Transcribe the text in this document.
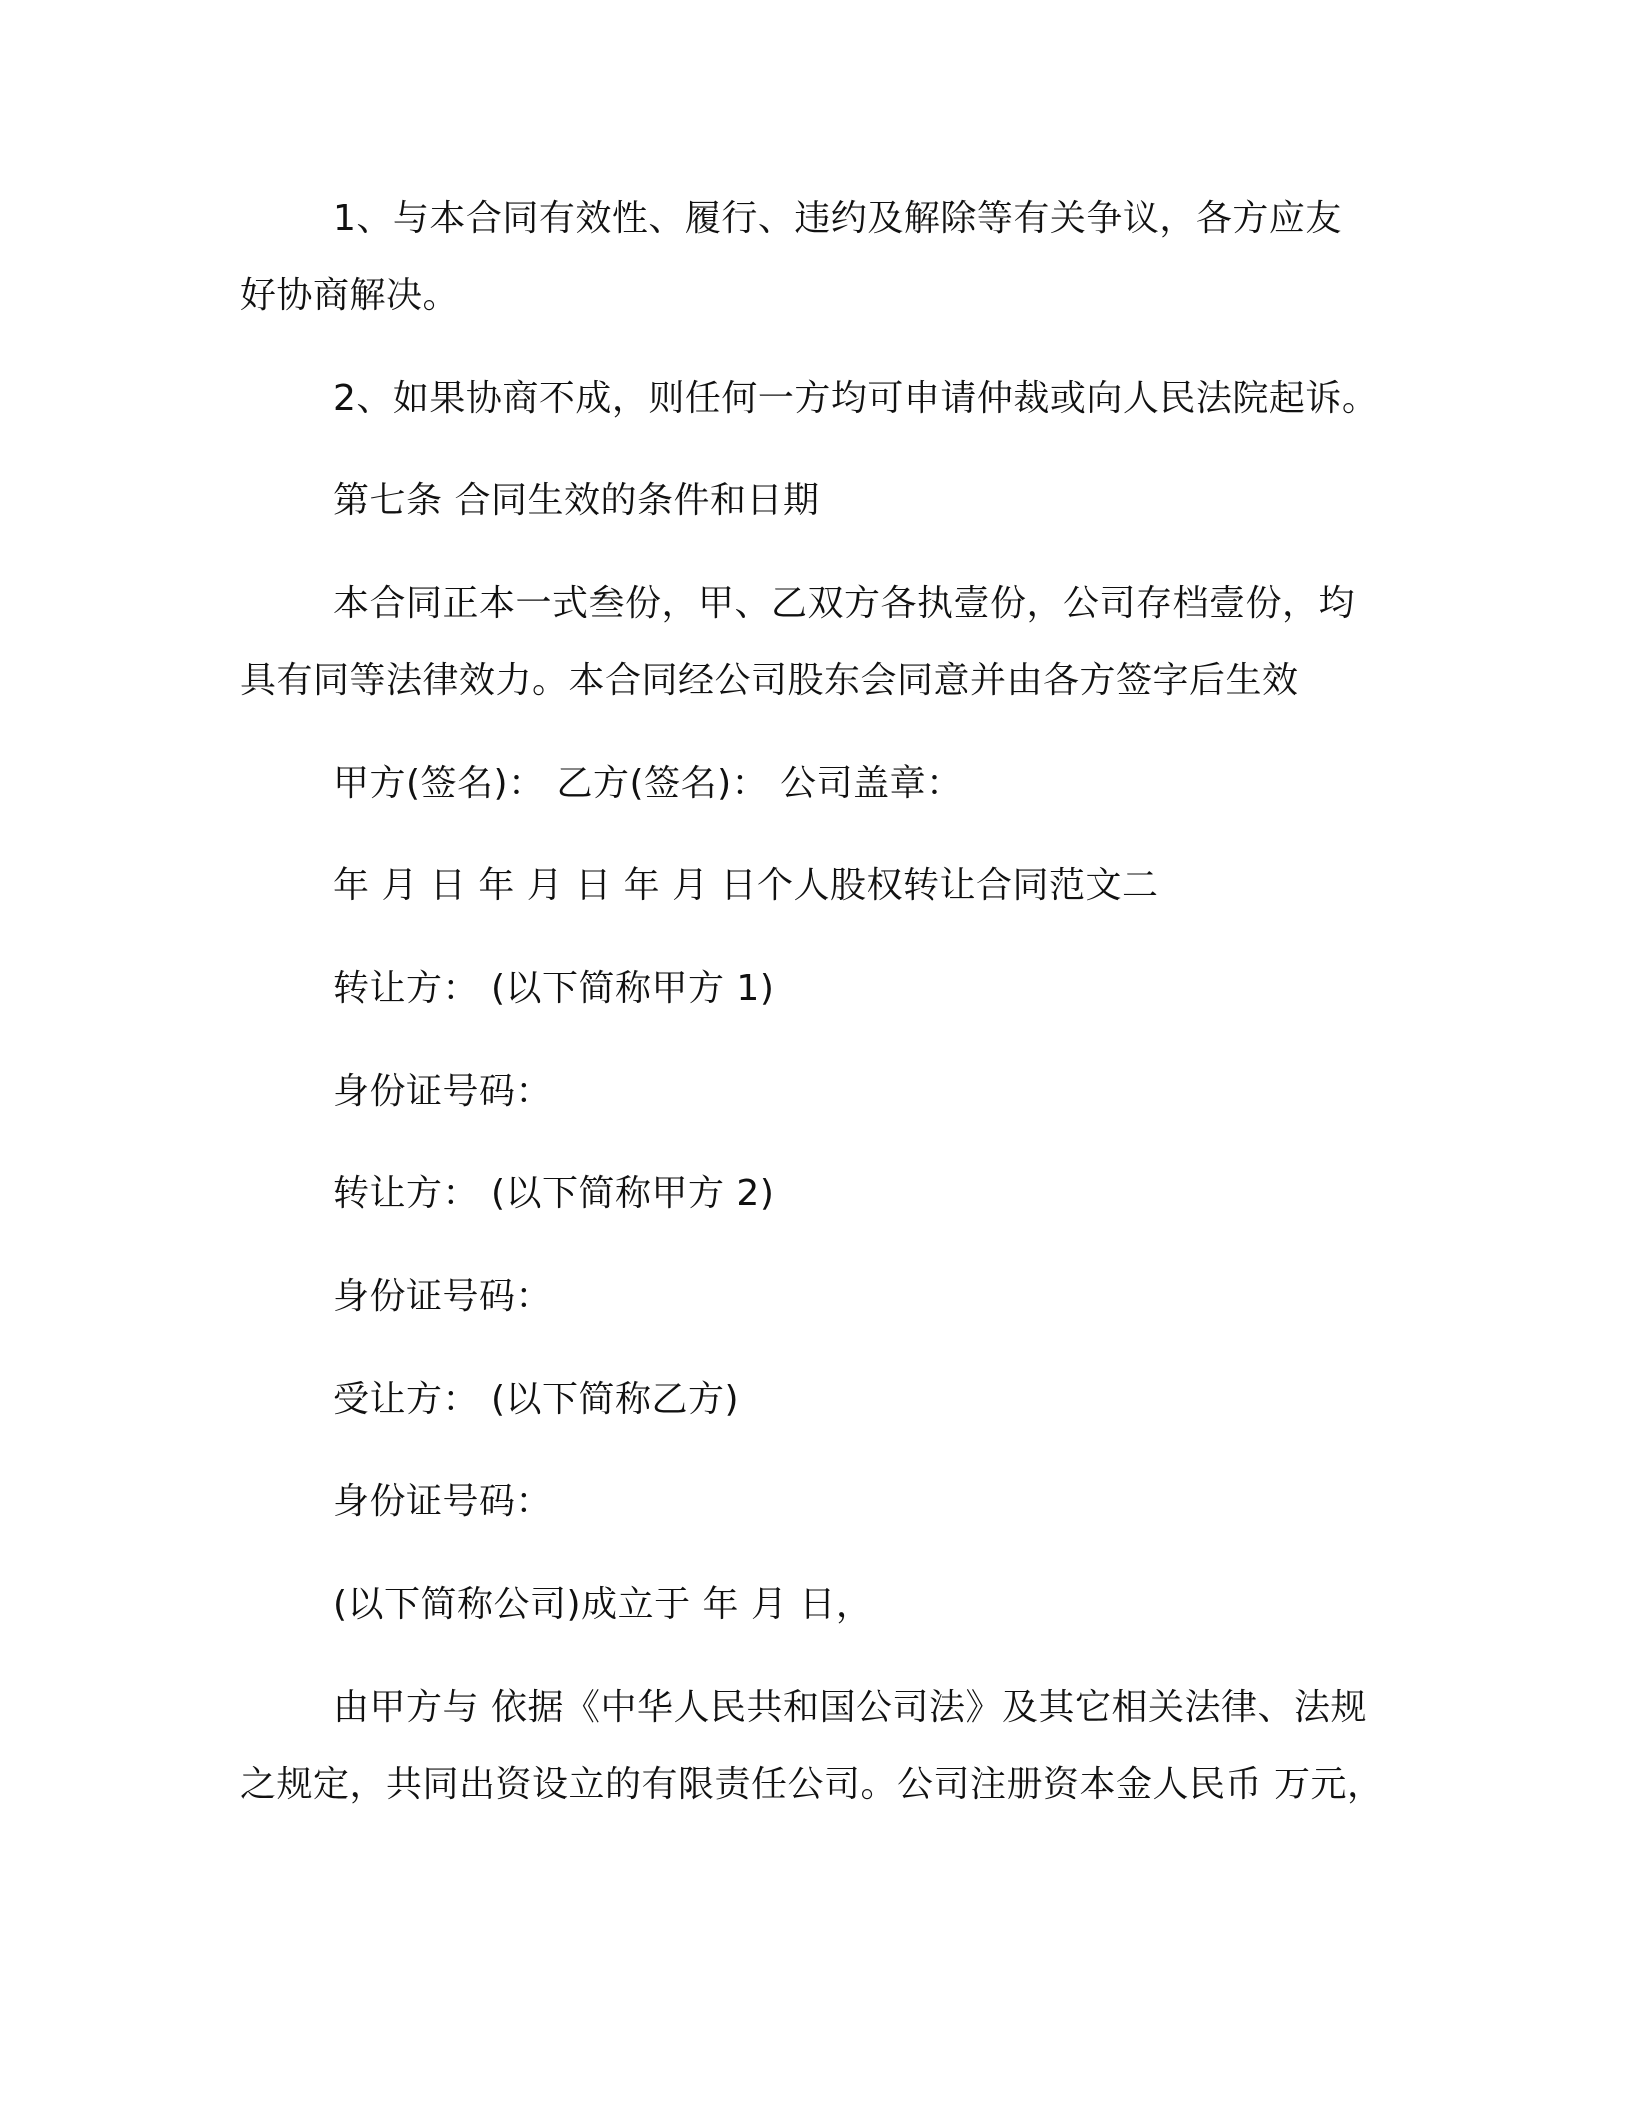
1、与本合同有效性、履行、违约及解除等有关争议，各方应友
好协商解决。
2、如果协商不成，则任何一方均可申请仲裁或向人民法院起诉。
第七条 合同生效的条件和日期
本合同正本一式叁份，甲、乙双方各执壹份，公司存档壹份，均
具有同等法律效力。本合同经公司股东会同意并由各方签字后生效
甲方(签名)： 乙方(签名)： 公司盖章：
年 月 日 年 月 日 年 月 日个人股权转让合同范文二
转让方： (以下简称甲方 1)
身份证号码：
转让方： (以下简称甲方 2)
身份证号码：
受让方： (以下简称乙方)
身份证号码：
(以下简称公司)成立于 年 月 日，
由甲方与 依据《中华人民共和国公司法》及其它相关法律、法规
之规定，共同出资设立的有限责任公司。公司注册资本金人民币 万元，
